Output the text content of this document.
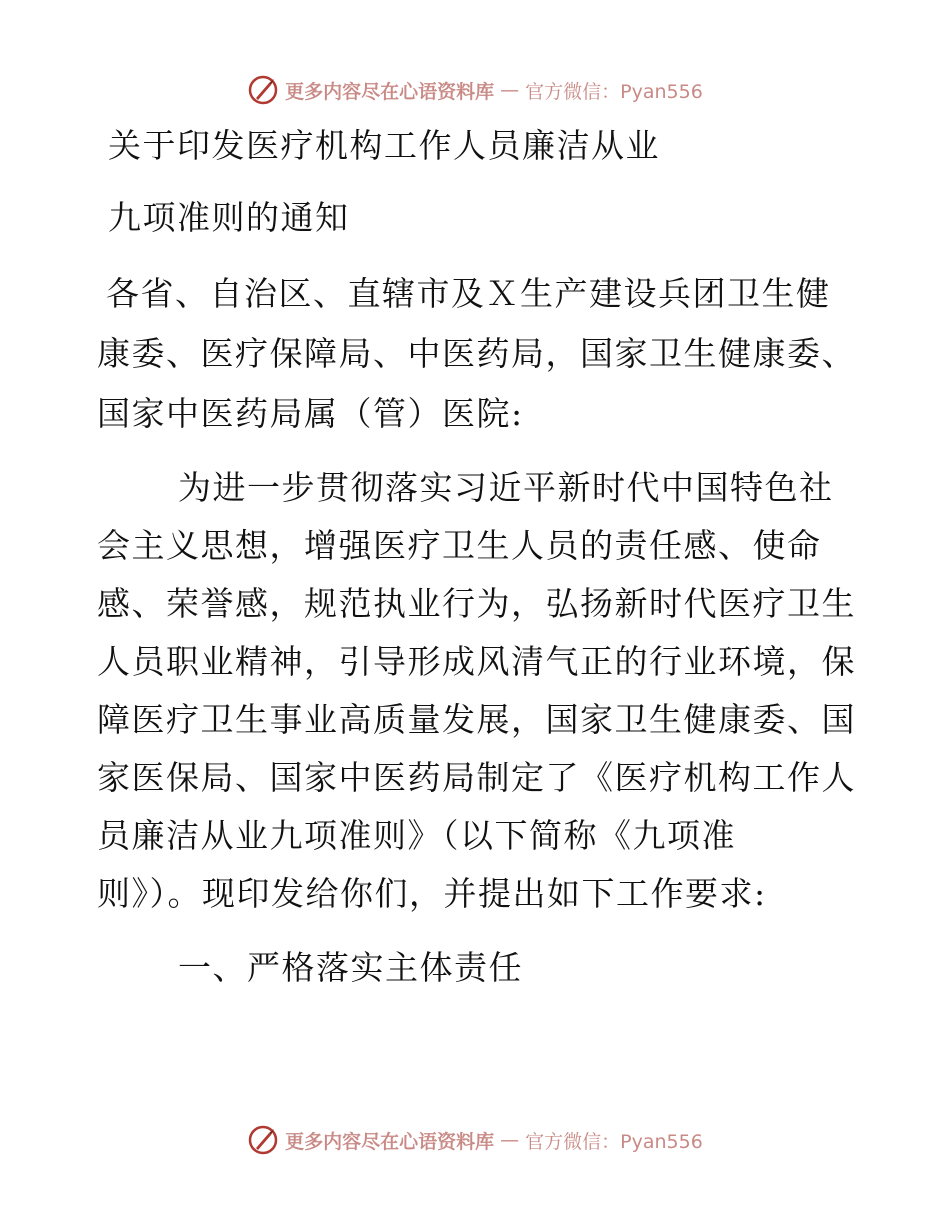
更多内容尽在心语资料库 — 官方微信：Pyan556
关于印发医疗机构工作人员廉洁从业
九项准则的通知
各省、自治区、直辖市及Ｘ生产建设兵团卫生健
康委、医疗保障局、中医药局，国家卫生健康委、
国家中医药局属（管）医院:
为进一步贯彻落实习近平新时代中国特色社
会主义思想，增强医疗卫生人员的责任感、使命
感、荣誉感，规范执业行为，弘扬新时代医疗卫生
人员职业精神，引导形成风清气正的行业环境，保
障医疗卫生事业高质量发展，国家卫生健康委、国
家医保局、国家中医药局制定了《医疗机构工作人
员廉洁从业九项准则》（以下简称《九项准
则》）。现印发给你们，并提出如下工作要求:
一、严格落实主体责任
更多内容尽在心语资料库 — 官方微信：Pyan556
